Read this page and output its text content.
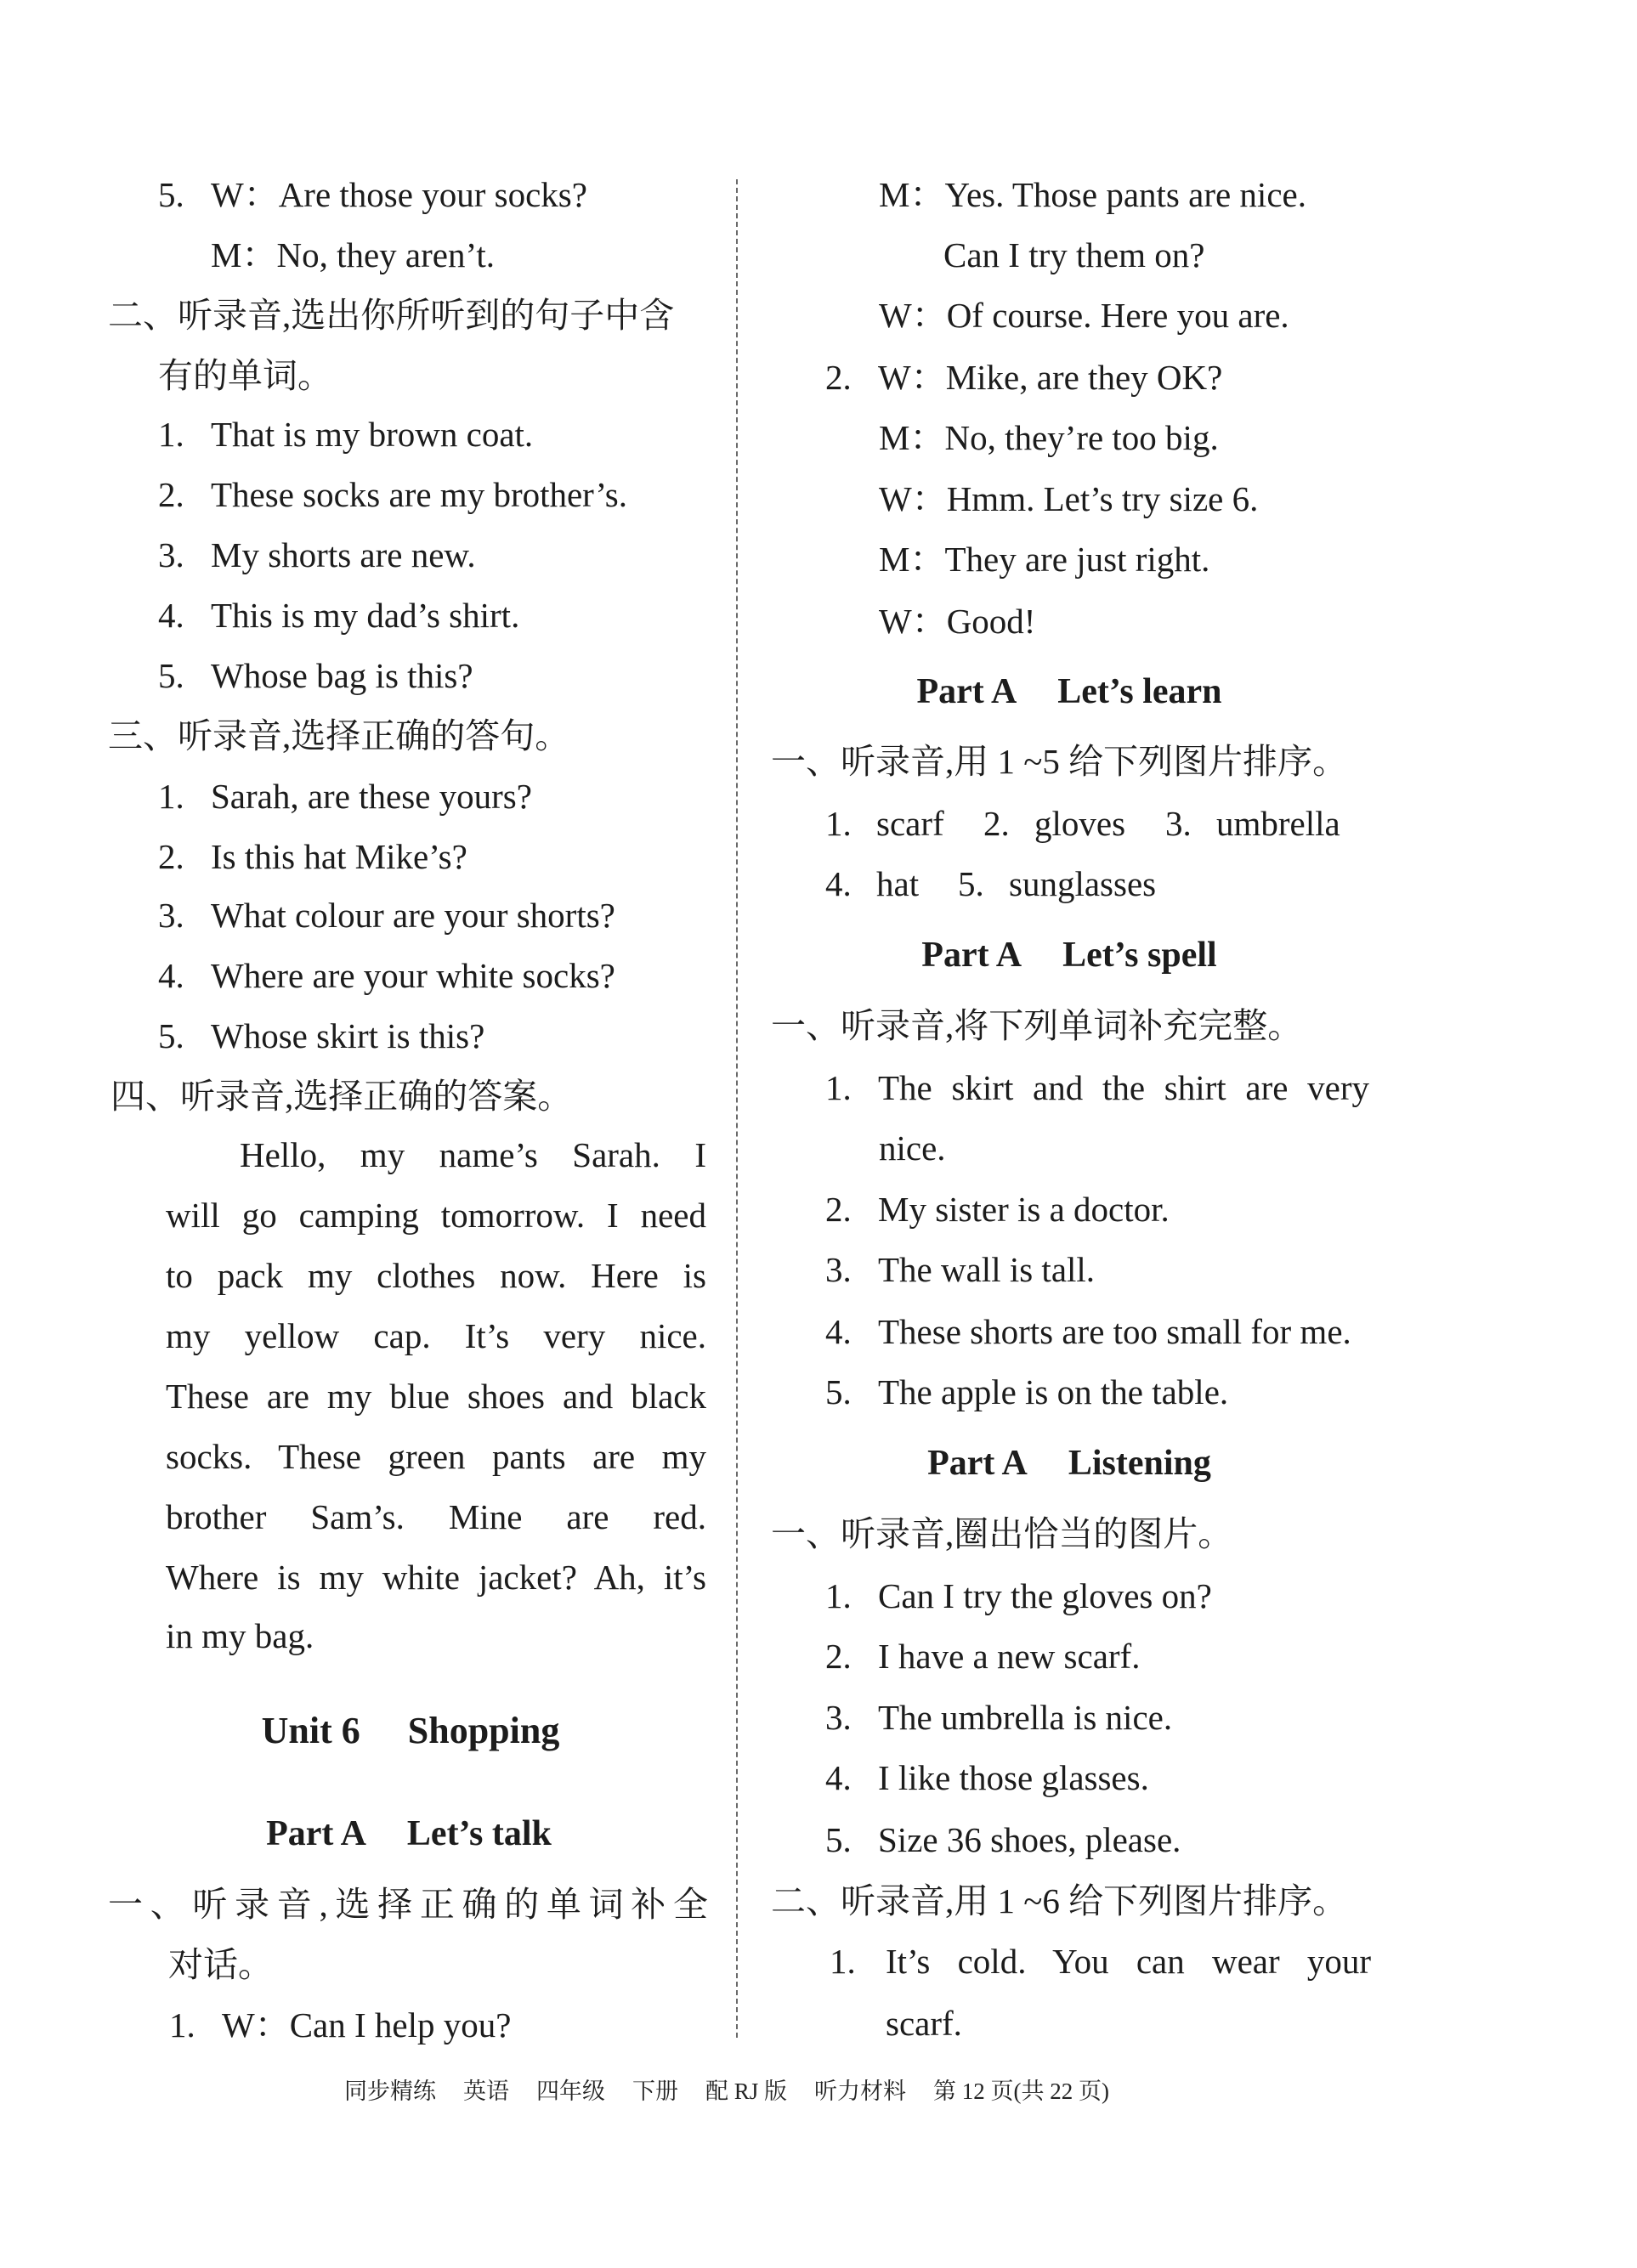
5. W：Are those your socks?
M：No, they aren’t.
二、听录音,选出你所听到的句子中含
有的单词。
1. That is my brown coat.
2. These socks are my brother’s.
3. My shorts are new.
4. This is my dad’s shirt.
5. Whose bag is this?
三、听录音,选择正确的答句。
1. Sarah, are these yours?
2. Is this hat Mike’s?
3. What colour are your shorts?
4. Where are your white socks?
5. Whose skirt is this?
四、听录音,选择正确的答案。
Hello, my name’s Sarah. I
will go camping tomorrow. I need
to pack my clothes now. Here is
my yellow cap. It’s very nice.
These are my blue shoes and black
socks. These green pants are my
brother Sam’s. Mine are red.
Where is my white jacket? Ah, it’s
in my bag.
Unit 6 Shopping
Part A Let’s talk
一、听录音,选择正确的单词补全
对话。
1. W：Can I help you?
M：Yes. Those pants are nice.
Can I try them on?
W：Of course. Here you are.
2. W：Mike, are they OK?
M：No, they’re too big.
W：Hmm. Let’s try size 6.
M：They are just right.
W：Good!
Part A Let’s learn
一、听录音,用 1 ~5 给下列图片排序。
1. scarf 2. gloves 3. umbrella
4. hat 5. sunglasses
Part A Let’s spell
一、听录音,将下列单词补充完整。
1. The skirt and the shirt are very
nice.
2. My sister is a doctor.
3. The wall is tall.
4. These shorts are too small for me.
5. The apple is on the table.
Part A Listening
一、听录音,圈出恰当的图片。
1. Can I try the gloves on?
2. I have a new scarf.
3. The umbrella is nice.
4. I like those glasses.
5. Size 36 shoes, please.
二、听录音,用 1 ~6 给下列图片排序。
1. It’s cold. You can wear your
scarf.
同步精练 英语 四年级 下册 配 RJ 版 听力材料 第 12 页(共 22 页)
